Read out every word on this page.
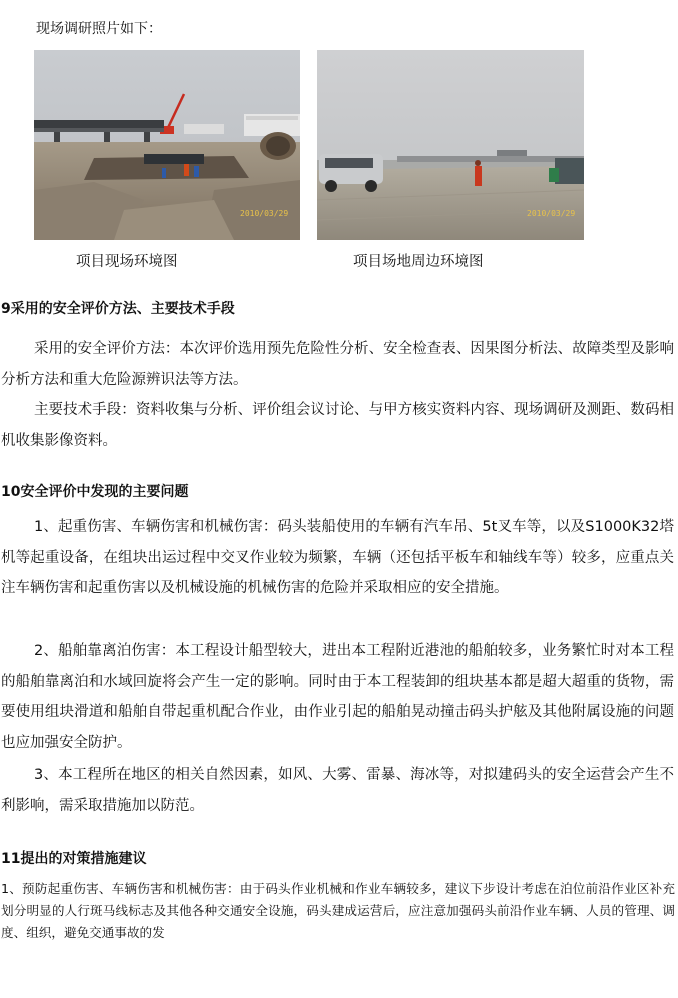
现场调研照片如下：
2010/03/29	2010/03/29
项目现场环境图	项目场地周边环境图
9采用的安全评价方法、主要技术手段
采用的安全评价方法：本次评价选用预先危险性分析、安全检查表、因果图分析法、故障类型及影响分析方法和重大危险源辨识法等方法。
主要技术手段：资料收集与分析、评价组会议讨论、与甲方核实资料内容、现场调研及测距、数码相机收集影像资料。
10安全评价中发现的主要问题
1、起重伤害、车辆伤害和机械伤害：码头装船使用的车辆有汽车吊、5t叉车等，以及S1000K32塔机等起重设备，在组块出运过程中交叉作业较为频繁，车辆（还包括平板车和轴线车等）较多，应重点关注车辆伤害和起重伤害以及机械设施的机械伤害的危险并采取相应的安全措施。
2、船舶靠离泊伤害：本工程设计船型较大，进出本工程附近港池的船舶较多，业务繁忙时对本工程的船舶靠离泊和水域回旋将会产生一定的影响。同时由于本工程装卸的组块基本都是超大超重的货物，需要使用组块滑道和船舶自带起重机配合作业，由作业引起的船舶晃动撞击码头护舷及其他附属设施的问题也应加强安全防护。
3、本工程所在地区的相关自然因素，如风、大雾、雷暴、海冰等，对拟建码头的安全运营会产生不利影响，需采取措施加以防范。
11提出的对策措施建议
1、预防起重伤害、车辆伤害和机械伤害：由于码头作业机械和作业车辆较多，建议下步设计考虑在泊位前沿作业区补充划分明显的人行斑马线标志及其他各种交通安全设施，码头建成运营后，应注意加强码头前沿作业车辆、人员的管理、调度、组织，避免交通事故的发
